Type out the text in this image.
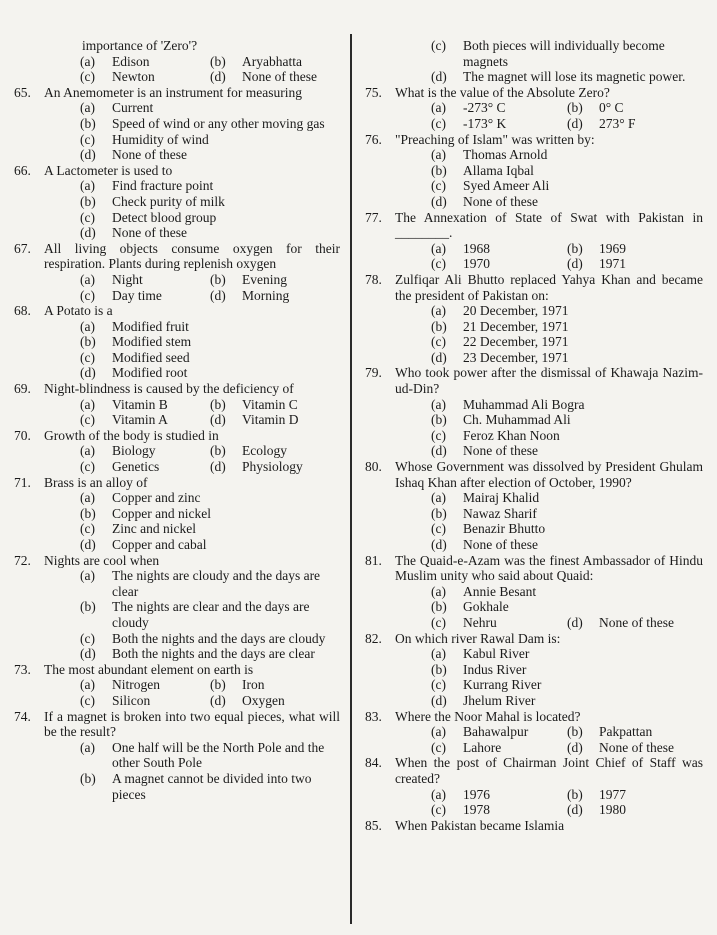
importance of 'Zero'?
(a)	Edison	(b)	Aryabhatta
(c)	Newton	(d)	None of these
65. An Anemometer is an instrument for measuring
(a)	Current
(b)	Speed of wind or any other moving gas
(c)	Humidity of wind
(d)	None of these
66. A Lactometer is used to
(a)	Find fracture point
(b)	Check purity of milk
(c)	Detect blood group
(d)	None of these
67. All living objects consume oxygen for their respiration. Plants during replenish oxygen
(a)	Night	(b)	Evening
(c)	Day time	(d)	Morning
68. A Potato is a
(a)	Modified fruit
(b)	Modified stem
(c)	Modified seed
(d)	Modified root
69. Night-blindness is caused by the deficiency of
(a)	Vitamin B	(b)	Vitamin C
(c)	Vitamin A	(d)	Vitamin D
70. Growth of the body is studied in
(a)	Biology	(b)	Ecology
(c)	Genetics	(d)	Physiology
71. Brass is an alloy of
(a)	Copper and zinc
(b)	Copper and nickel
(c)	Zinc and nickel
(d)	Copper and cabal
72. Nights are cool when
(a)	The nights are cloudy and the days are clear
(b)	The nights are clear and the days are cloudy
(c)	Both the nights and the days are cloudy
(d)	Both the nights and the days are clear
73. The most abundant element on earth is
(a)	Nitrogen	(b)	Iron
(c)	Silicon	(d)	Oxygen
74. If a magnet is broken into two equal pieces, what will be the result?
(a)	One half will be the North Pole and the other South Pole
(b)	A magnet cannot be divided into two pieces
(c)	Both pieces will individually become magnets
(d)	The magnet will lose its magnetic power.
75. What is the value of the Absolute Zero?
(a)	-273° C	(b)	0° C
(c)	-173° K	(d)	273° F
76. "Preaching of Islam" was written by:
(a)	Thomas Arnold
(b)	Allama Iqbal
(c)	Syed Ameer Ali
(d)	None of these
77. The Annexation of State of Swat with Pakistan in ________.
(a)	1968	(b)	1969
(c)	1970	(d)	1971
78. Zulfiqar Ali Bhutto replaced Yahya Khan and became the president of Pakistan on:
(a)	20 December, 1971
(b)	21 December, 1971
(c)	22 December, 1971
(d)	23 December, 1971
79. Who took power after the dismissal of Khawaja Nazim-ud-Din?
(a)	Muhammad Ali Bogra
(b)	Ch. Muhammad Ali
(c)	Feroz Khan Noon
(d)	None of these
80. Whose Government was dissolved by President Ghulam Ishaq Khan after election of October, 1990?
(a)	Mairaj Khalid
(b)	Nawaz Sharif
(c)	Benazir Bhutto
(d)	None of these
81. The Quaid-e-Azam was the finest Ambassador of Hindu Muslim unity who said about Quaid:
(a)	Annie Besant
(b)	Gokhale
(c)	Nehru	(d)	None of these
82. On which river Rawal Dam is:
(a)	Kabul River
(b)	Indus River
(c)	Kurrang River
(d)	Jhelum River
83. Where the Noor Mahal is located?
(a)	Bahawalpur	(b)	Pakpattan
(c)	Lahore	(d)	None of these
84. When the post of Chairman Joint Chief of Staff was created?
(a)	1976	(b)	1977
(c)	1978	(d)	1980
85. When Pakistan became Islamia
